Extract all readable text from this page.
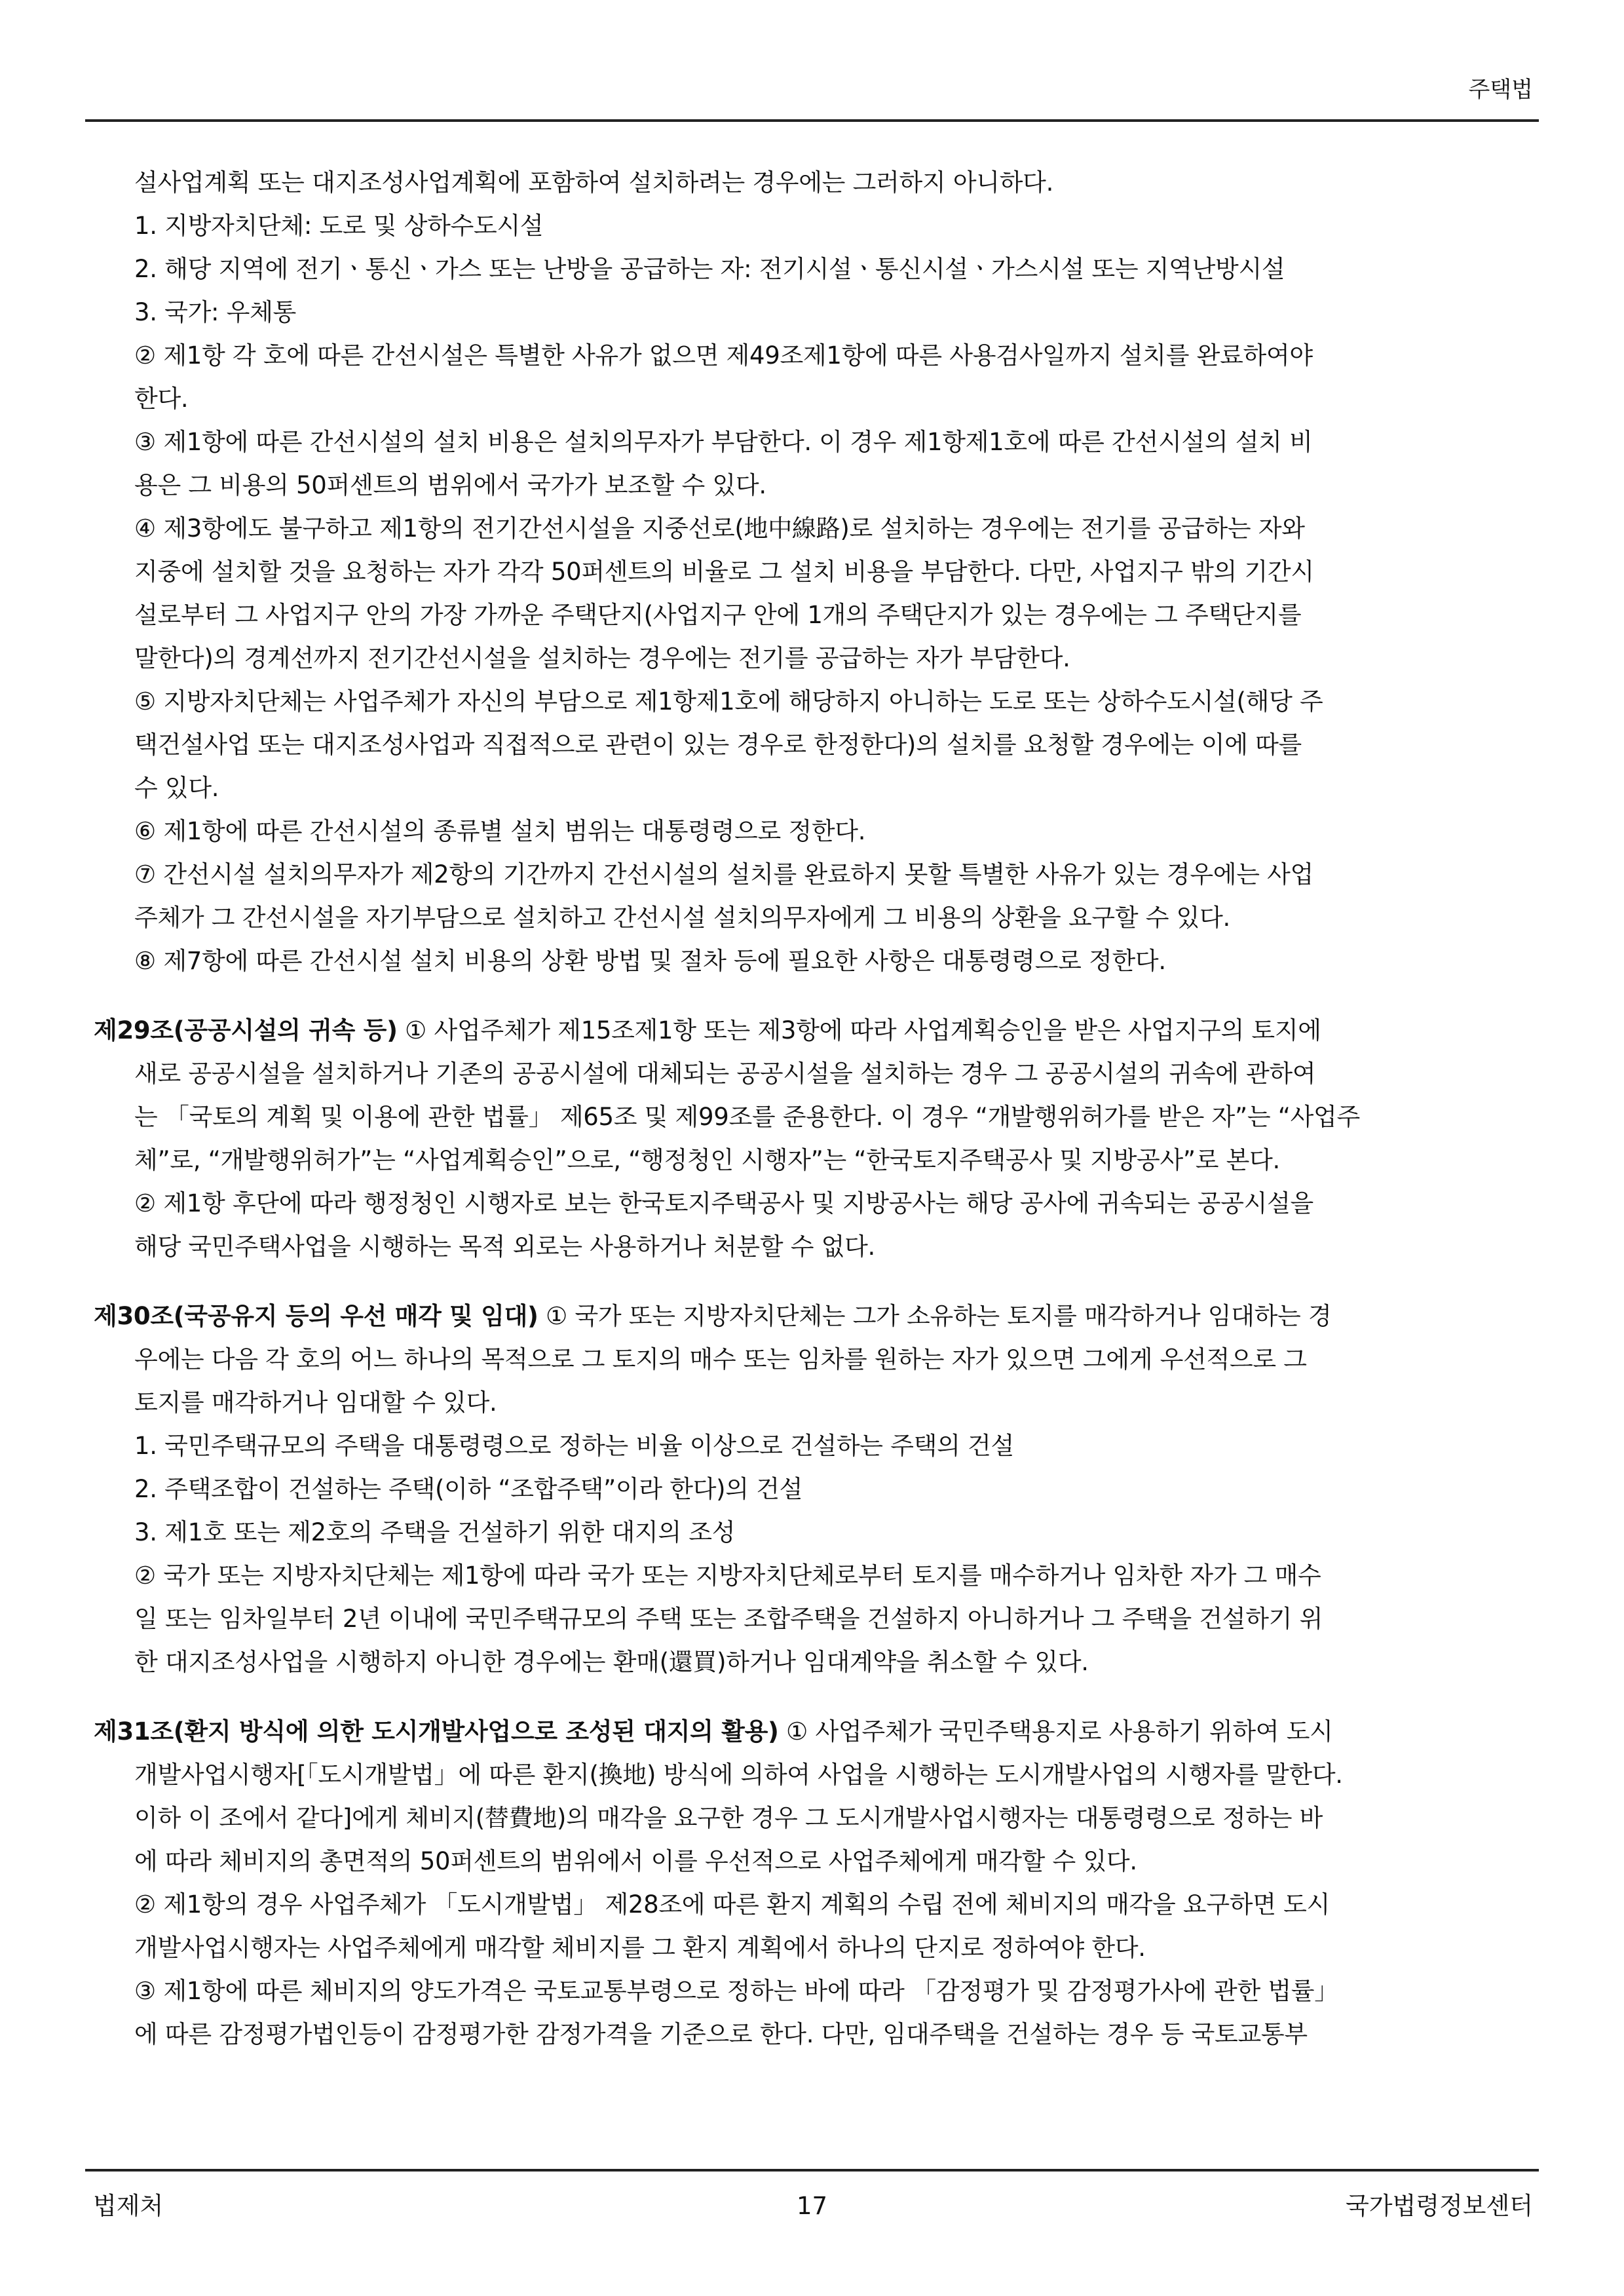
주택법
설사업계획 또는 대지조성사업계획에 포함하여 설치하려는 경우에는 그러하지 아니하다.
1. 지방자치단체: 도로 및 상하수도시설
2. 해당 지역에 전기ㆍ통신ㆍ가스 또는 난방을 공급하는 자: 전기시설ㆍ통신시설ㆍ가스시설 또는 지역난방시설
3. 국가: 우체통
② 제1항 각 호에 따른 간선시설은 특별한 사유가 없으면 제49조제1항에 따른 사용검사일까지 설치를 완료하여야
한다.
③ 제1항에 따른 간선시설의 설치 비용은 설치의무자가 부담한다. 이 경우 제1항제1호에 따른 간선시설의 설치 비
용은 그 비용의 50퍼센트의 범위에서 국가가 보조할 수 있다.
④ 제3항에도 불구하고 제1항의 전기간선시설을 지중선로(地中線路)로 설치하는 경우에는 전기를 공급하는 자와
지중에 설치할 것을 요청하는 자가 각각 50퍼센트의 비율로 그 설치 비용을 부담한다. 다만, 사업지구 밖의 기간시
설로부터 그 사업지구 안의 가장 가까운 주택단지(사업지구 안에 1개의 주택단지가 있는 경우에는 그 주택단지를
말한다)의 경계선까지 전기간선시설을 설치하는 경우에는 전기를 공급하는 자가 부담한다.
⑤ 지방자치단체는 사업주체가 자신의 부담으로 제1항제1호에 해당하지 아니하는 도로 또는 상하수도시설(해당 주
택건설사업 또는 대지조성사업과 직접적으로 관련이 있는 경우로 한정한다)의 설치를 요청할 경우에는 이에 따를
수 있다.
⑥ 제1항에 따른 간선시설의 종류별 설치 범위는 대통령령으로 정한다.
⑦ 간선시설 설치의무자가 제2항의 기간까지 간선시설의 설치를 완료하지 못할 특별한 사유가 있는 경우에는 사업
주체가 그 간선시설을 자기부담으로 설치하고 간선시설 설치의무자에게 그 비용의 상환을 요구할 수 있다.
⑧ 제7항에 따른 간선시설 설치 비용의 상환 방법 및 절차 등에 필요한 사항은 대통령령으로 정한다.
제29조(공공시설의 귀속 등) ① 사업주체가 제15조제1항 또는 제3항에 따라 사업계획승인을 받은 사업지구의 토지에
새로 공공시설을 설치하거나 기존의 공공시설에 대체되는 공공시설을 설치하는 경우 그 공공시설의 귀속에 관하여
는 「국토의 계획 및 이용에 관한 법률」 제65조 및 제99조를 준용한다. 이 경우 “개발행위허가를 받은 자”는 “사업주
체”로, “개발행위허가”는 “사업계획승인”으로, “행정청인 시행자”는 “한국토지주택공사 및 지방공사”로 본다.
② 제1항 후단에 따라 행정청인 시행자로 보는 한국토지주택공사 및 지방공사는 해당 공사에 귀속되는 공공시설을
해당 국민주택사업을 시행하는 목적 외로는 사용하거나 처분할 수 없다.
제30조(국공유지 등의 우선 매각 및 임대) ① 국가 또는 지방자치단체는 그가 소유하는 토지를 매각하거나 임대하는 경
우에는 다음 각 호의 어느 하나의 목적으로 그 토지의 매수 또는 임차를 원하는 자가 있으면 그에게 우선적으로 그
토지를 매각하거나 임대할 수 있다.
1. 국민주택규모의 주택을 대통령령으로 정하는 비율 이상으로 건설하는 주택의 건설
2. 주택조합이 건설하는 주택(이하 “조합주택”이라 한다)의 건설
3. 제1호 또는 제2호의 주택을 건설하기 위한 대지의 조성
② 국가 또는 지방자치단체는 제1항에 따라 국가 또는 지방자치단체로부터 토지를 매수하거나 임차한 자가 그 매수
일 또는 임차일부터 2년 이내에 국민주택규모의 주택 또는 조합주택을 건설하지 아니하거나 그 주택을 건설하기 위
한 대지조성사업을 시행하지 아니한 경우에는 환매(還買)하거나 임대계약을 취소할 수 있다.
제31조(환지 방식에 의한 도시개발사업으로 조성된 대지의 활용) ① 사업주체가 국민주택용지로 사용하기 위하여 도시
개발사업시행자[「도시개발법」에 따른 환지(換地) 방식에 의하여 사업을 시행하는 도시개발사업의 시행자를 말한다.
이하 이 조에서 같다]에게 체비지(替費地)의 매각을 요구한 경우 그 도시개발사업시행자는 대통령령으로 정하는 바
에 따라 체비지의 총면적의 50퍼센트의 범위에서 이를 우선적으로 사업주체에게 매각할 수 있다.
② 제1항의 경우 사업주체가 「도시개발법」 제28조에 따른 환지 계획의 수립 전에 체비지의 매각을 요구하면 도시
개발사업시행자는 사업주체에게 매각할 체비지를 그 환지 계획에서 하나의 단지로 정하여야 한다.
③ 제1항에 따른 체비지의 양도가격은 국토교통부령으로 정하는 바에 따라 「감정평가 및 감정평가사에 관한 법률」
에 따른 감정평가법인등이 감정평가한 감정가격을 기준으로 한다. 다만, 임대주택을 건설하는 경우 등 국토교통부
법제처	17	국가법령정보센터
